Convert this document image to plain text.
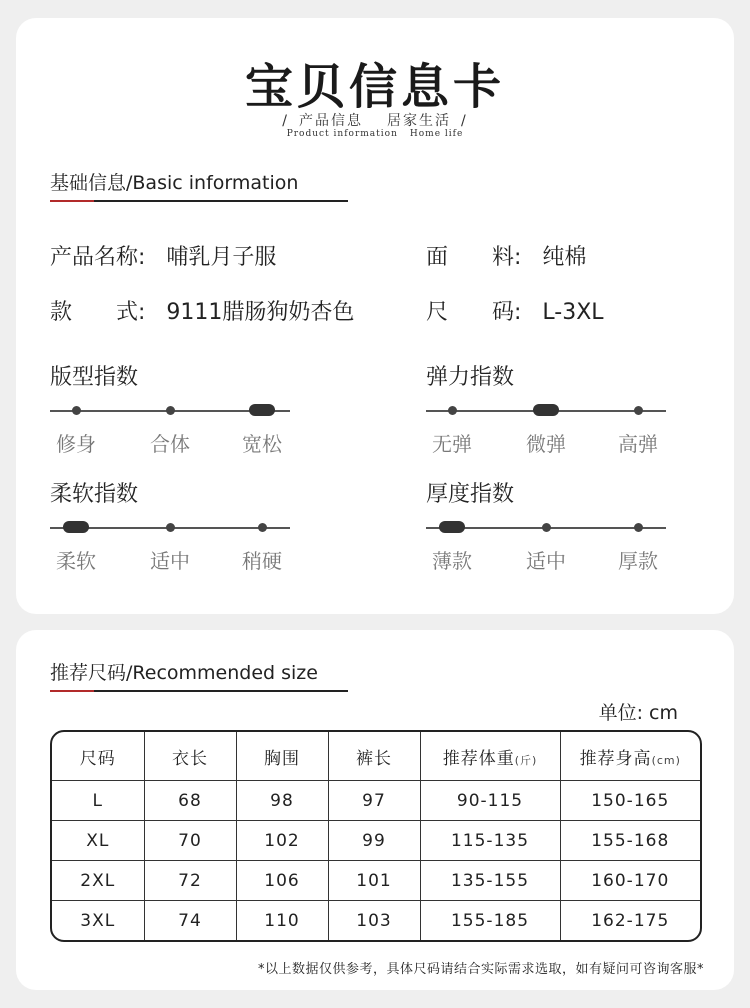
宝贝信息卡
/ 产品信息 居家生活 /
Product information Home life
基础信息/Basic information
产品名称: 哺乳月子服	面　　料: 纯棉
款　　式: 9111腊肠狗奶杏色	尺　　码: L-3XL
版型指数
修身	合体	宽松
弹力指数
无弹	微弹	高弹
柔软指数
柔软	适中	稍硬
厚度指数
薄款	适中	厚款
推荐尺码/Recommended size
单位: cm
尺码	衣长	胸围	裤长	推荐体重(斤)	推荐身高(cm)
L	68	98	97	90-115	150-165
XL	70	102	99	115-135	155-168
2XL	72	106	101	135-155	160-170
3XL	74	110	103	155-185	162-175
*以上数据仅供参考，具体尺码请结合实际需求选取，如有疑问可咨询客服*
